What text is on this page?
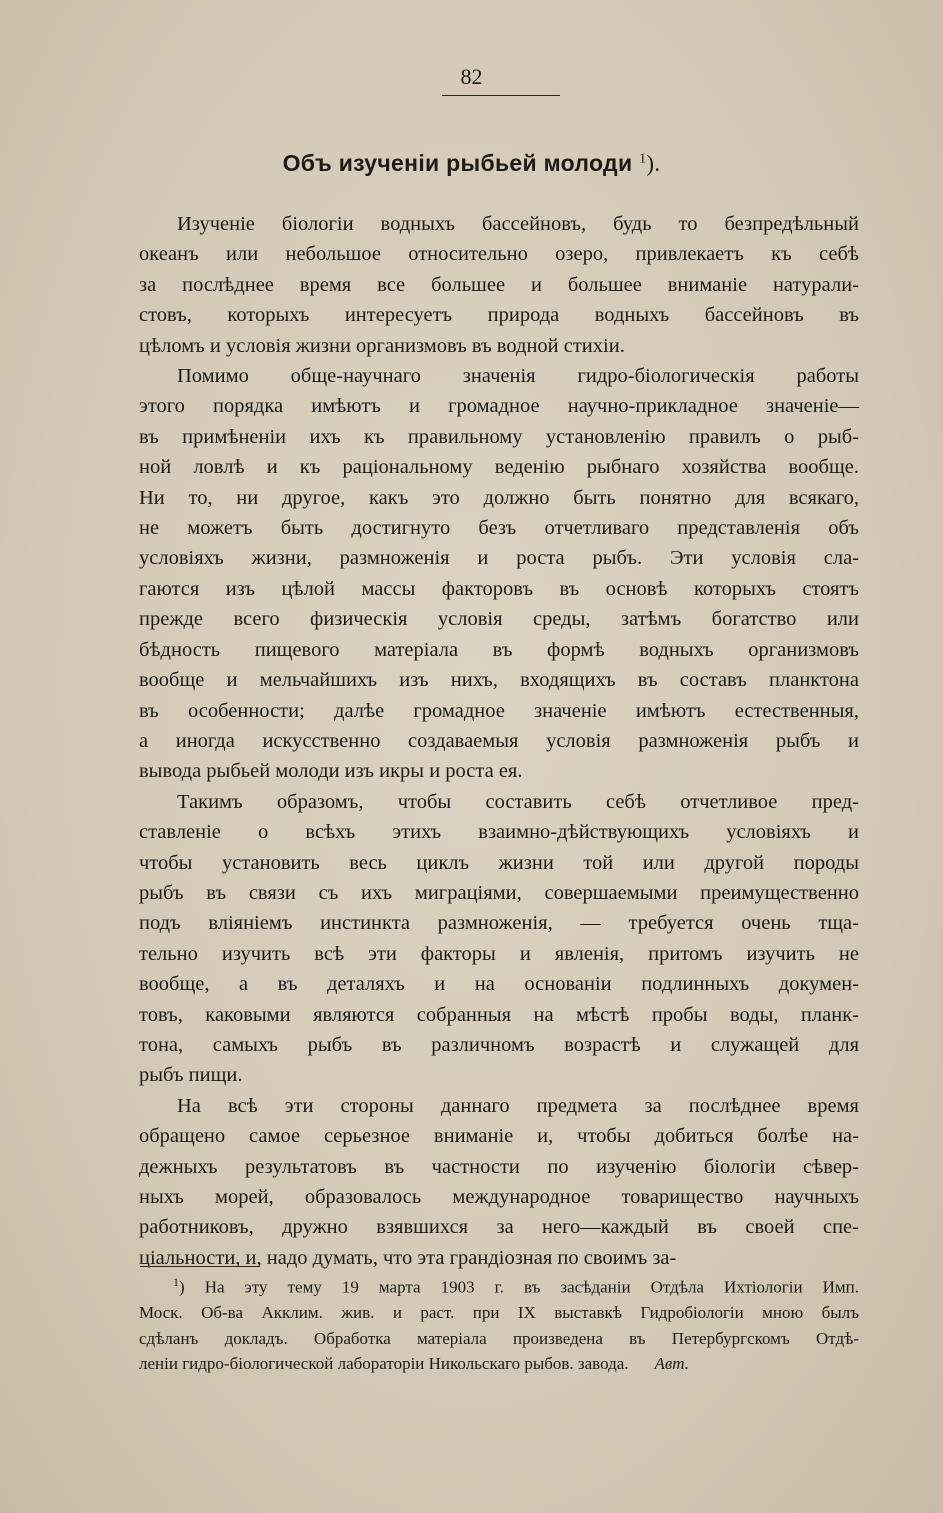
82
Объ изученіи рыбьей молоди $^1$).
Изученіе біологіи водныхъ бассейновъ, будь то безпредѣльный
океанъ или небольшое относительно озеро, привлекаетъ къ себѣ
за послѣднее время все большее и большее вниманіе натурали-
стовъ, которыхъ интересуетъ природа водныхъ бассейновъ въ
цѣломъ и условія жизни организмовъ въ водной стихіи.
Помимо обще-научнаго значенія гидро-біологическія работы
этого порядка имѣютъ и громадное научно-прикладное значеніе—
въ примѣненіи ихъ къ правильному установленію правилъ о рыб-
ной ловлѣ и къ раціональному веденію рыбнаго хозяйства вообще.
Ни то, ни другое, какъ это должно быть понятно для всякаго,
не можетъ быть достигнуто безъ отчетливаго представленія объ
условіяхъ жизни, размноженія и роста рыбъ. Эти условія сла-
гаются изъ цѣлой массы факторовъ въ основѣ которыхъ стоятъ
прежде всего физическія условія среды, затѣмъ богатство или
бѣдность пищевого матеріала въ формѣ водныхъ организмовъ
вообще и мельчайшихъ изъ нихъ, входящихъ въ составъ планктона
въ особенности; далѣе громадное значеніе имѣютъ естественныя,
а иногда искусственно создаваемыя условія размноженія рыбъ и
вывода рыбьей молоди изъ икры и роста ея.
Такимъ образомъ, чтобы составить себѣ отчетливое пред-
ставленіе о всѣхъ этихъ взаимно-дѣйствующихъ условіяхъ и
чтобы установить весь циклъ жизни той или другой породы
рыбъ въ связи съ ихъ миграціями, совершаемыми преимущественно
подъ вліяніемъ инстинкта размноженія, — требуется очень тща-
тельно изучить всѣ эти факторы и явленія, притомъ изучить не
вообще, а въ деталяхъ и на основаніи подлинныхъ докумен-
товъ, каковыми являются собранныя на мѣстѣ пробы воды, планк-
тона, самыхъ рыбъ въ различномъ возрастѣ и служащей для
рыбъ пищи.
На всѣ эти стороны даннаго предмета за послѣднее время
обращено самое серьезное вниманіе и, чтобы добиться болѣе на-
дежныхъ результатовъ въ частности по изученію біологіи сѣвер-
ныхъ морей, образовалось международное товарищество научныхъ
работниковъ, дружно взявшихся за него—каждый въ своей спе-
ціальности, и, надо думать, что эта грандіозная по своимъ за-
$^1$) На эту тему 19 марта 1903 г. въ засѣданіи Отдѣла Ихтіологіи Имп.
Моск. Об-ва Акклим. жив. и раст. при IX выставкѣ Гидробіологіи мною былъ
сдѣланъ докладъ. Обработка матеріала произведена въ Петербургскомъ Отдѣ-
леніи гидро-біологической лабораторіи Никольскаго рыбов. завода. Авт.
